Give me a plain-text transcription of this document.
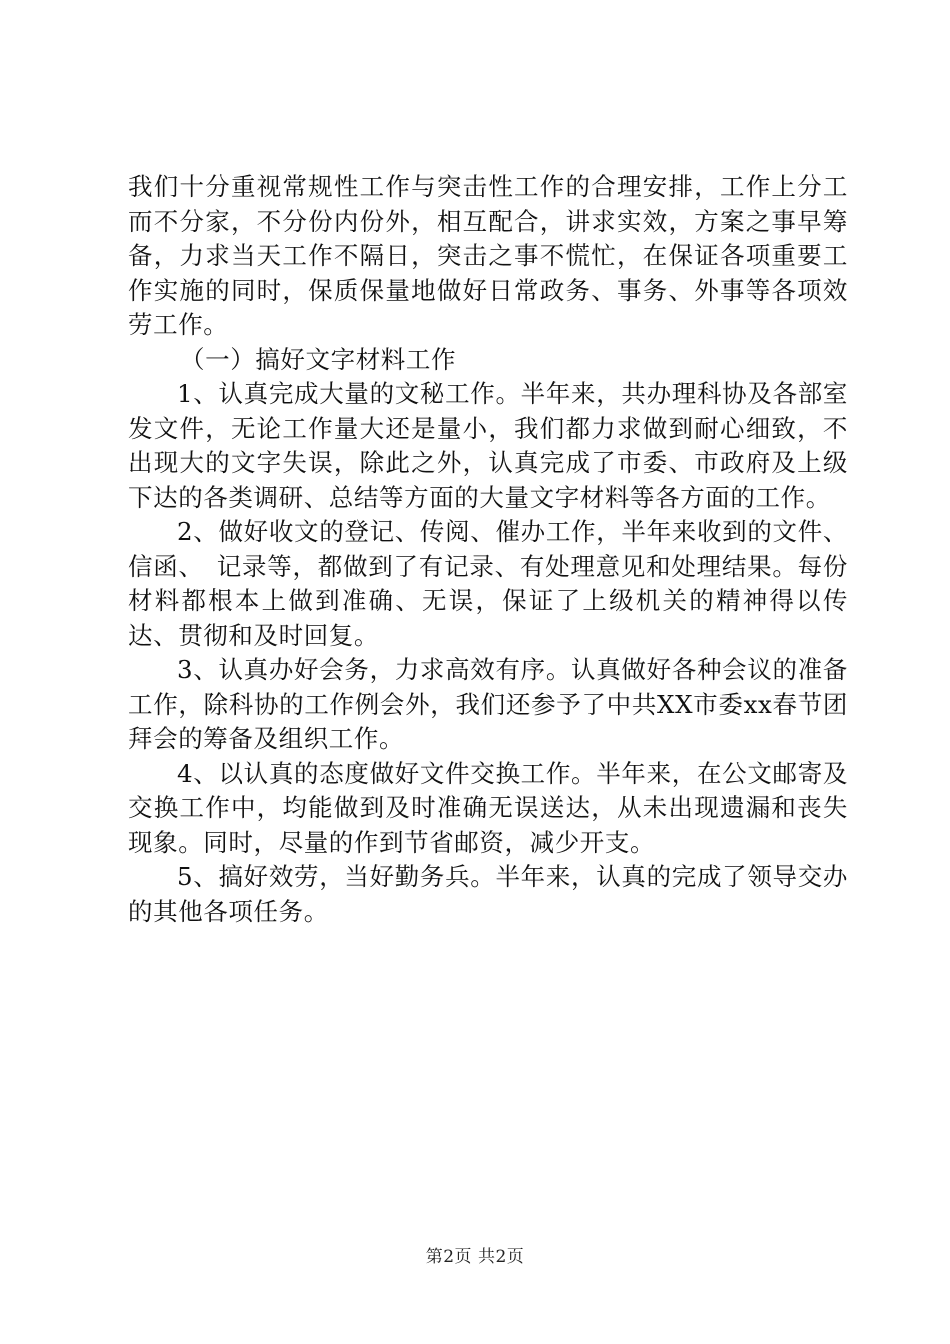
我们十分重视常规性工作与突击性工作的合理安排，工作上分工而不分家，不分份内份外，相互配合，讲求实效，方案之事早筹备，力求当天工作不隔日，突击之事不慌忙，在保证各项重要工作实施的同时，保质保量地做好日常政务、事务、外事等各项效劳工作。

（一）搞好文字材料工作

1、认真完成大量的文秘工作。半年来，共办理科协及各部室发文件，无论工作量大还是量小，我们都力求做到耐心细致，不出现大的文字失误，除此之外，认真完成了市委、市政府及上级下达的各类调研、总结等方面的大量文字材料等各方面的工作。

2、做好收文的登记、传阅、催办工作，半年来收到的文件、信函、　记录等，都做到了有记录、有处理意见和处理结果。每份材料都根本上做到准确、无误，保证了上级机关的精神得以传达、贯彻和及时回复。

3、认真办好会务，力求高效有序。认真做好各种会议的准备工作，除科协的工作例会外，我们还参予了中共XX市委xx春节团拜会的筹备及组织工作。

4、以认真的态度做好文件交换工作。半年来，在公文邮寄及交换工作中，均能做到及时准确无误送达，从未出现遗漏和丧失现象。同时，尽量的作到节省邮资，减少开支。

5、搞好效劳，当好勤务兵。半年来，认真的完成了领导交办的其他各项任务。

第2页 共2页
